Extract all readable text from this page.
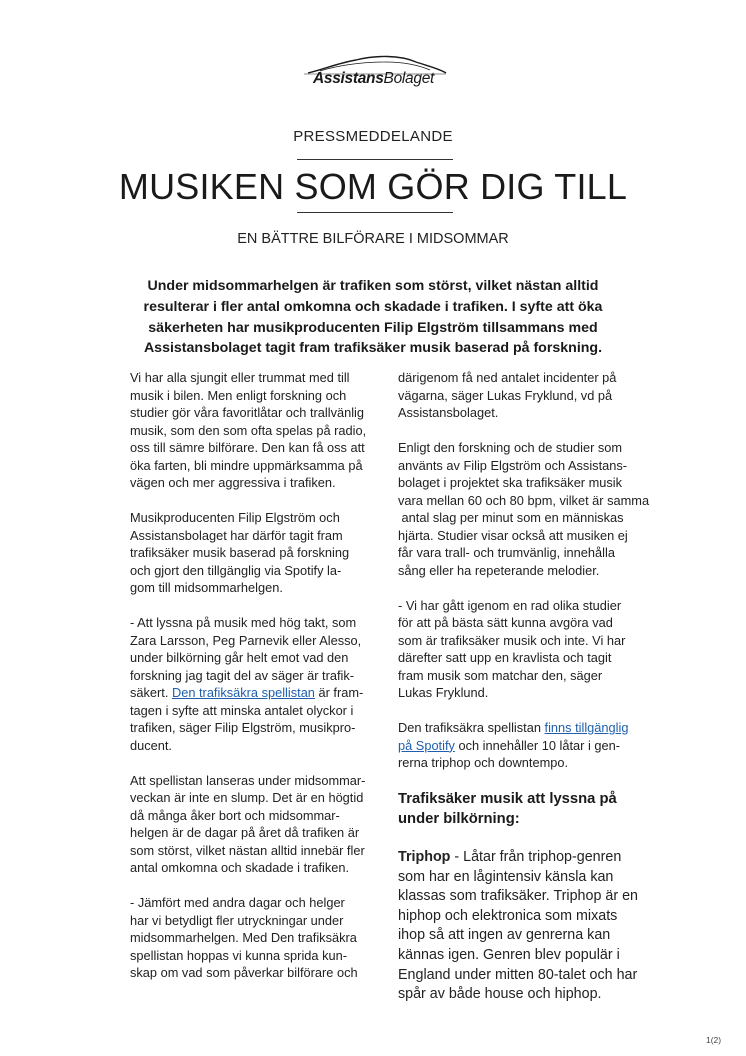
AssistansBolaget
PRESSMEDDELANDE
MUSIKEN SOM GÖR DIG TILL
EN BÄTTRE BILFÖRARE I MIDSOMMAR
Under midsommarhelgen är trafiken som störst, vilket nästan alltid
resulterar i fler antal omkomna och skadade i trafiken. I syfte att öka
säkerheten har musikproducenten Filip Elgström tillsammans med
Assistansbolaget tagit fram trafiksäker musik baserad på forskning.

Vi har alla sjungit eller trummat med till
musik i bilen. Men enligt forskning och
studier gör våra favoritlåtar och trallvänlig
musik, som den som ofta spelas på radio,
oss till sämre bilförare. Den kan få oss att
öka farten, bli mindre uppmärksamma på
vägen och mer aggressiva i trafiken.

Musikproducenten Filip Elgström och
Assistansbolaget har därför tagit fram
trafiksäker musik baserad på forskning
och gjort den tillgänglig via Spotify la-
gom till midsommarhelgen.

- Att lyssna på musik med hög takt, som
Zara Larsson, Peg Parnevik eller Alesso,
under bilkörning går helt emot vad den
forskning jag tagit del av säger är trafik-
säkert. Den trafiksäkra spellistan är fram-
tagen i syfte att minska antalet olyckor i
trafiken, säger Filip Elgström, musikpro-
ducent.

Att spellistan lanseras under midsommar-
veckan är inte en slump. Det är en högtid
då många åker bort och midsommar-
helgen är de dagar på året då trafiken är
som störst, vilket nästan alltid innebär fler
antal omkomna och skadade i trafiken.

- Jämfört med andra dagar och helger
har vi betydligt fler utryckningar under
midsommarhelgen. Med Den trafiksäkra
spellistan hoppas vi kunna sprida kun-
skap om vad som påverkar bilförare och

därigenom få ned antalet incidenter på
vägarna, säger Lukas Fryklund, vd på
Assistansbolaget.

Enligt den forskning och de studier som
använts av Filip Elgström och Assistans-
bolaget i projektet ska trafiksäker musik
vara mellan 60 och 80 bpm, vilket är samma
antal slag per minut som en människas
hjärta. Studier visar också att musiken ej
får vara trall- och trumvänlig, innehålla
sång eller ha repeterande melodier.

- Vi har gått igenom en rad olika studier
för att på bästa sätt kunna avgöra vad
som är trafiksäker musik och inte. Vi har
därefter satt upp en kravlista och tagit
fram musik som matchar den, säger
Lukas Fryklund.

Den trafiksäkra spellistan finns tillgänglig
på Spotify och innehåller 10 låtar i gen-
rerna triphop och downtempo.

Trafiksäker musik att lyssna på
under bilkörning:
Triphop - Låtar från triphop-genren
som har en lågintensiv känsla kan
klassas som trafiksäker. Triphop är en
hiphop och elektronica som mixats
ihop så att ingen av genrerna kan
kännas igen. Genren blev populär i
England under mitten 80-talet och har
spår av både house och hiphop.
1(2)
